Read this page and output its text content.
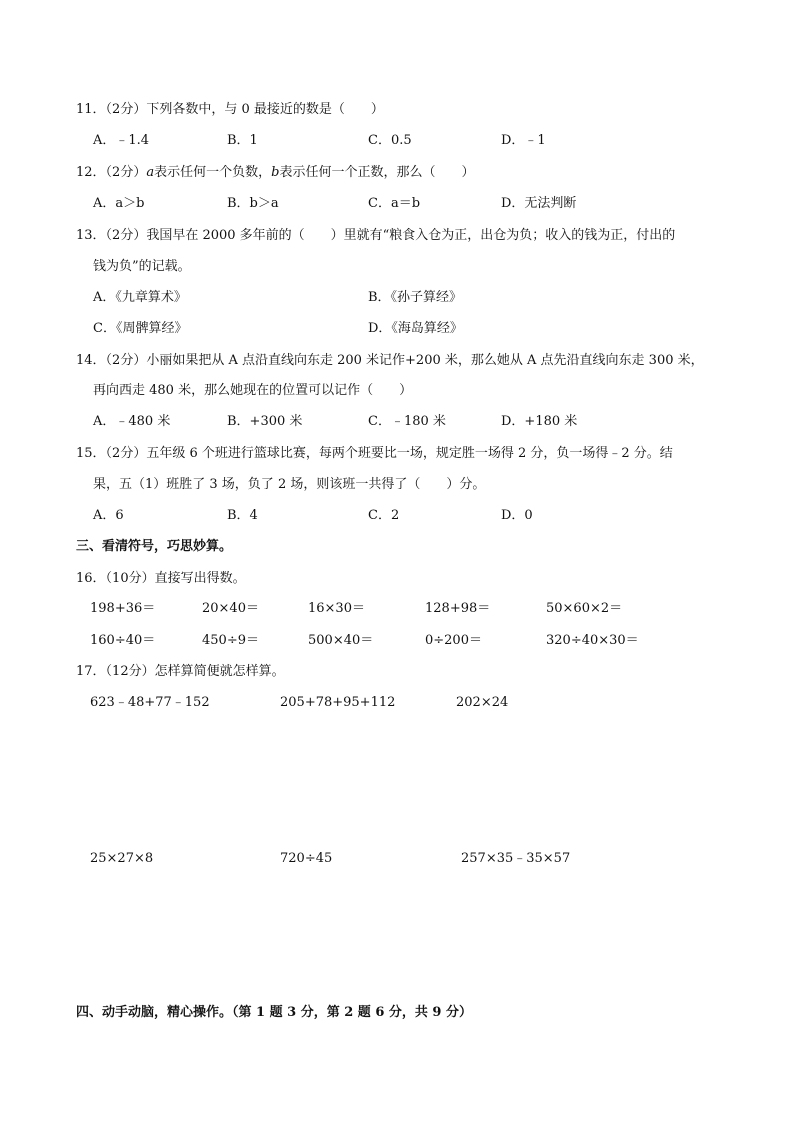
11．（2分）下列各数中，与 0 最接近的数是（　　）
A．﹣1.4	B．1	C．0.5	D．﹣1
12．（2分）a表示任何一个负数，b表示任何一个正数，那么（　　）
A．a＞b	B．b＞a	C．a＝b	D．无法判断
13．（2分）我国早在 2000 多年前的（　　）里就有“粮食入仓为正，出仓为负；收入的钱为正，付出的
钱为负”的记载。
A．《九章算术》	B．《孙子算经》
C．《周髀算经》	D．《海岛算经》
14．（2分）小丽如果把从 A 点沿直线向东走 200 米记作+200 米，那么她从 A 点先沿直线向东走 300 米，
再向西走 480 米，那么她现在的位置可以记作（　　）
A．﹣480 米	B．+300 米	C．﹣180 米	D．+180 米
15．（2分）五年级 6 个班进行篮球比赛，每两个班要比一场，规定胜一场得 2 分，负一场得﹣2 分。结
果，五（1）班胜了 3 场，负了 2 场，则该班一共得了（　　）分。
A．6	B．4	C．2	D．0
三、看清符号，巧思妙算。
16．（10分）直接写出得数。
198+36＝	20×40＝	16×30＝	128+98＝	50×60×2＝
160÷40＝	450÷9＝	500×40＝	0÷200＝	320÷40×30＝
17．（12分）怎样算简便就怎样算。
623﹣48+77﹣152	205+78+95+112	202×24
25×27×8	720÷45	257×35﹣35×57
四、动手动脑，精心操作。（第 1 题 3 分，第 2 题 6 分，共 9 分）
